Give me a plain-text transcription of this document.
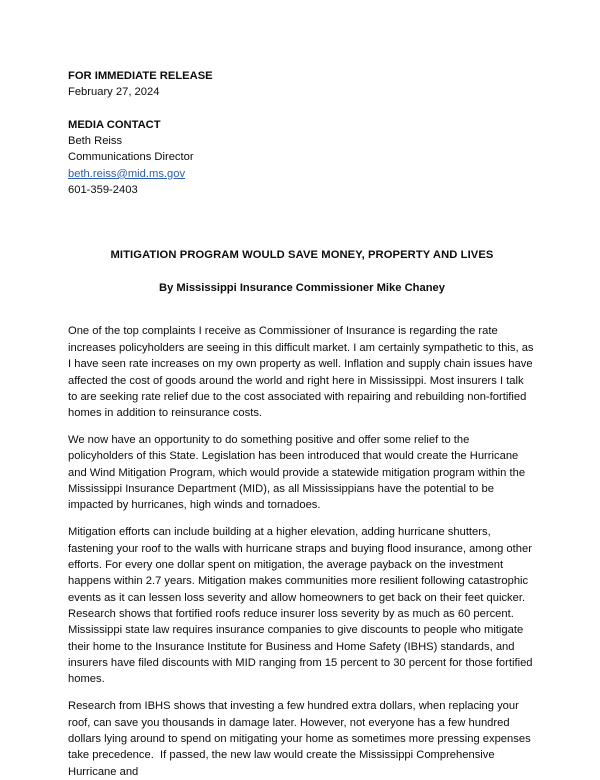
FOR IMMEDIATE RELEASE
February 27, 2024
MEDIA CONTACT
Beth Reiss
Communications Director
beth.reiss@mid.ms.gov
601-359-2403
MITIGATION PROGRAM WOULD SAVE MONEY, PROPERTY AND LIVES
By Mississippi Insurance Commissioner Mike Chaney

One of the top complaints I receive as Commissioner of Insurance is regarding the rate increases policyholders are seeing in this difficult market. I am certainly sympathetic to this, as I have seen rate increases on my own property as well. Inflation and supply chain issues have affected the cost of goods around the world and right here in Mississippi. Most insurers I talk to are seeking rate relief due to the cost associated with repairing and rebuilding non-fortified homes in addition to reinsurance costs.

We now have an opportunity to do something positive and offer some relief to the policyholders of this State. Legislation has been introduced that would create the Hurricane and Wind Mitigation Program, which would provide a statewide mitigation program within the Mississippi Insurance Department (MID), as all Mississippians have the potential to be impacted by hurricanes, high winds and tornadoes.

Mitigation efforts can include building at a higher elevation, adding hurricane shutters, fastening your roof to the walls with hurricane straps and buying flood insurance, among other efforts. For every one dollar spent on mitigation, the average payback on the investment happens within 2.7 years. Mitigation makes communities more resilient following catastrophic events as it can lessen loss severity and allow homeowners to get back on their feet quicker. Research shows that fortified roofs reduce insurer loss severity by as much as 60 percent. Mississippi state law requires insurance companies to give discounts to people who mitigate their home to the Insurance Institute for Business and Home Safety (IBHS) standards, and insurers have filed discounts with MID ranging from 15 percent to 30 percent for those fortified homes.

Research from IBHS shows that investing a few hundred extra dollars, when replacing your roof, can save you thousands in damage later. However, not everyone has a few hundred dollars lying around to spend on mitigating your home as sometimes more pressing expenses take precedence.  If passed, the new law would create the Mississippi Comprehensive Hurricane and
